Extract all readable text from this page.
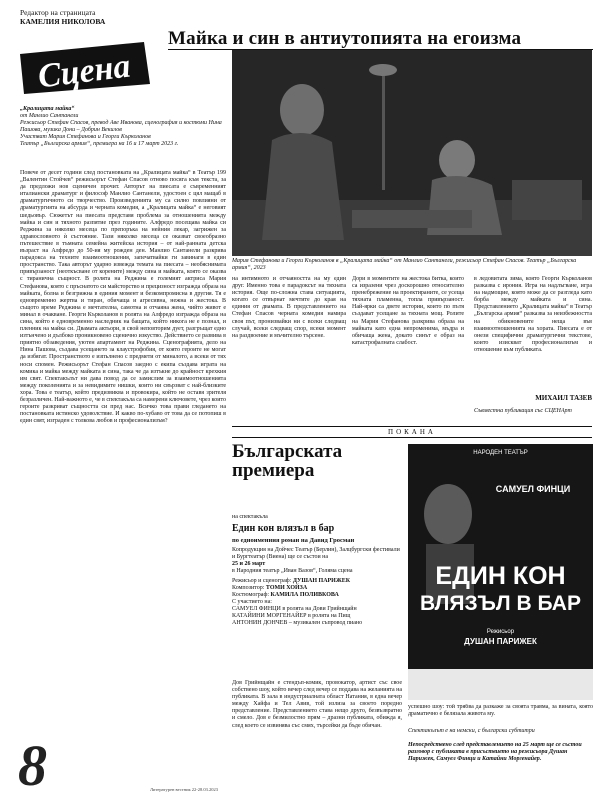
Редактор на страницата
КАМЕЛИЯ НИКОЛОВА
Сцена
Майка и син в антиутопията на егоизма
Мария Стефанова и Георги Кърколанов в „Кралицата майка“ от Манлио Сантанели, режисьор Стефан Спасов. Театър „Българска армия“, 2023
„Кралицата майка“
от Манлио Сантанели
Режисьор Стефан Спасов, превод Аве Иванова, сценография и костюми Нина Пашова, музика Дони – Добрин Векилов
Участват Мария Стефанова и Георги Кърколанов
Театър „Българска армия“, премиера на 16 и 17 март 2023 г.
Повече от десет години след постановката на „Кралицата майка“ в Театър 199 „Валентин Стойчев“ режисьорът Стефан Спасов отново посяга към текста, за да предложи нов сценичен прочит. Авторът на пиесата е съвременният италиански драматург и философ Манлио Сантанели, удостоен с цял мащаб в драматургичното си творчество. Произведенията му са силно повлияни от драматургията на абсурда и черната комедия, а „Кралицата майка“ е неговият шедьовър. Сюжетът на пиесата представя проблема за отношенията между майка и син и тяхното разпятие през годините. Алфредо посещава майка си Реджина за няколко месеца по препоръка на нейния лекар, загрижен за здравословното ѝ състояние. Тази няколко месеца се оказват своеобразно пътешествие в тъмната семейна житейска история – от най-ранната детска възраст на Алфредо до 50-ия му рожден ден. Манлио Сантанели разкрива парадокса на техните взаимоотношения, запечатвайки ги завинаги в един пространство. Така авторът ударно извежда темата на пиесата – необяснимата привързаност (неоткъсване от корените) между сина и майката, която се оказва с тиранична същност. В ролята на Реджина е големият актриса Мария Стефанова, която с пръснатото си майсторство и прецизност изгражда образа на майката, болна и безгрижна в единия момент и безкомпромисна в другия. Тя е едновременно жертва и тиран, обичаща и агресивна, нежна и жестока. В същото време Реджина е мечтателна, самотна и отчаяна жена, чийто живот е минал в очакване. Георги Кърколанов в ролята на Алфредо изгражда образа на сина, който е едновременно наследник на бащата, който никога не е познал, и пленник на майка си. Двамата актьори, в свой неповторим дует, разгръщат едно изтънчено и дълбоко проникновено сценично изкуство. Действието се развива в приятно обзаведения, уютен апартамент на Реджина. Сценографията, дело на Нина Пашова, създава усещането за клаустрофобия, от която героите не могат да избягат. Пространството е изпълнено с предмети от миналото, а всеки от тях носи спомен. Режисьорът Стефан Спасов заедно с екипа създава играта на комика и майка между майката и сина, така че да изтъкне до крайност крехкия им свят. Спектакълът ни дава повод да се замислим за взаимоотношенията между поколенията и за невидимите нишки, които ни свързват с най-близките хора. Това е театър, който предизвиква и провокира, който не оставя зрителя безразличен. Най-важното е, че в спектакъла са намерени ключовете, чрез които героите разкриват същността си пред нас. Всичко това прави гледането на постановката истинско удоволствие. И какво по-хубаво от това да се потопиш в един свят, изграден с толкова любов и професионализъм?
8
на интимното и отчаяността на му един друг. Именно това е парадоксът на тяхната история. Още по-сложна става ситуацията, когато се отвърнат мечтите до края на единия от двамата. В представлението на Стефан Спасов черната комедия намира своя път, пронизвайки ни с всеки следващ случай, всеки следващ спор, всеки момент на раздвоение и мъчително търсене.
Дори в моментите на жестока битка, които са изразени чрез доскорошно относително пренебрежение на проектираните, се усеща тяхната пламенна, топла привързаност. Най-ярки са двете истории, които по пътя създават усещане за тяхната мощ. Ролите на Мария Стефанова разкрива образа на майката като една непроменима, мъдра и обичаща жена, докато синът е образ на катастрофалната слабост.
в ледовитата зима, която Георги Кърколанов разказва с ирония. Игра на надлъгване, игра на надмощие, която може да се разгледа като борба между майката и сина. Представлението „Кралицата майка“ в Театър „Българска армия“ разказва за неизбежността на обикновените неща във взаимоотношенията на хората. Пиесата е от онези специфични драматургични текстове, които изискват професионализъм и отношение към публиката.
МИХАИЛ ТАЗЕВ
Съвместна публикация със СЦЕНАрт
ПОКАНА
Българската премиера
на спектакъла
Един кон влязъл в бар
по едноименния роман на Давид Гросман

Копродукция на Дойчес Театър (Берлин), Залцбургски фестивали и Бургтеатър (Виена) ще се състои на

25 и 26 март
в Народния театър „Иван Вазов“, Голяма сцена

Режисьор и сценограф: ДУШАН ПАРИЖЕК
Композитор: ТОМИ ХОЙЗА
Костюмограф: КАМИЛА ПОЛИВКОВА

С участието на:
САМУЕЛ ФИНЦИ в ролята на Дови Грийнщайн
КАТАЙИНИ МОРГЕНАЙЕР в ролята на Пищ
АНТОНИН ДОНЧЕВ – музикален съпровод пиано
НАРОДЕН ТЕАТЪР
САМУЕЛ ФИНЦИ
ЕДИН КОН
ВЛЯЗЪЛ В БАР
Режисьор
ДУШАН ПАРИЖЕК
Дов Грийнщайн е стендъп-комик, провокатор, артист със свое собствено шоу, който вечер след вечер се поддава на желанията на публиката. В зала в индустриалната област Натания, в една вечер между Хайфа и Тел Авив, той излиза за своето поредно представление. Представлението става нещо друго, безвъзвратно и смело. Дов е безмилостно прям – дразни публиката, обижда я, след което се извинява със смях, търсейки да бъде обичан.
успешно шоу: той трябва да разкаже за своята травма, за вината, която драматично е белязала живота му.
Спектакълът е на немски, с български субтитри
Непосредствено след представлението на 25 март ще се състои разговор с публиката в присъствието на режисьора Душан Парижек, Самуел Финци и Катайни Моргенайер.
Литературен вестник 22-28.03.2023
